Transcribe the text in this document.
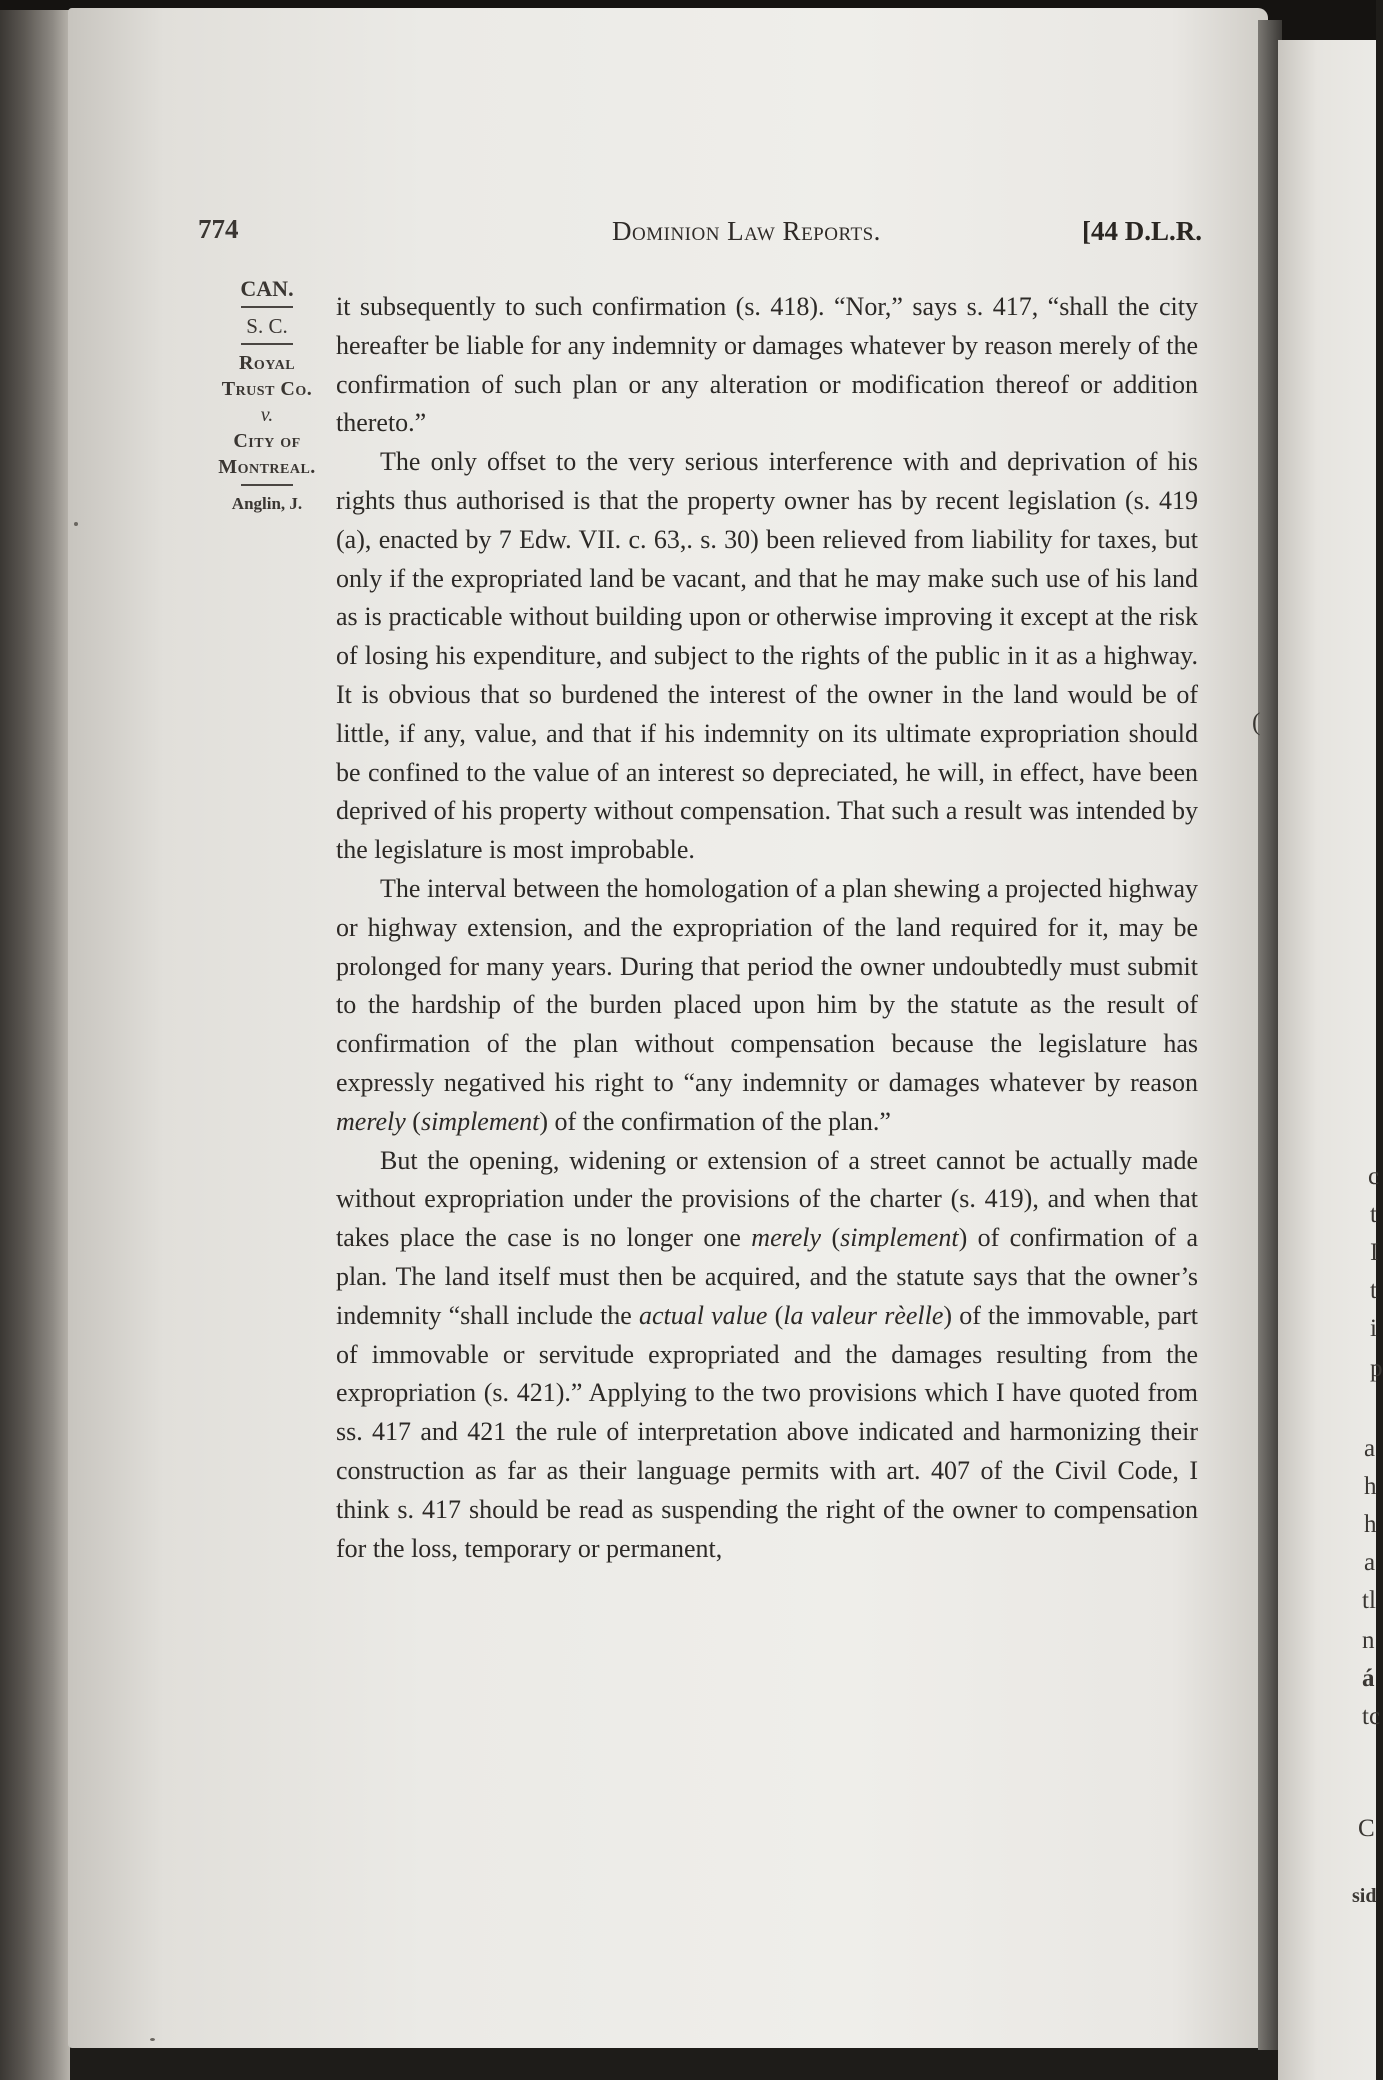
774	Dominion Law Reports.	[44 D.L.R.
CAN.
S. C.
Royal
Trust Co.
v.
City of
Montreal.
Anglin, J.

it subsequently to such confirmation (s. 418). “Nor,” says s. 417, “shall the city hereafter be liable for any indemnity or damages whatever by reason merely of the confirmation of such plan or any alteration or modification thereof or addition thereto.”

The only offset to the very serious interference with and deprivation of his rights thus authorised is that the property owner has by recent legislation (s. 419 (a), enacted by 7 Edw. VII. c. 63,. s. 30) been relieved from liability for taxes, but only if the expropriated land be vacant, and that he may make such use of his land as is practicable without building upon or otherwise improving it except at the risk of losing his expenditure, and subject to the rights of the public in it as a highway. It is obvious that so burdened the interest of the owner in the land would be of little, if any, value, and that if his indemnity on its ultimate expropriation should be confined to the value of an interest so depreciated, he will, in effect, have been deprived of his property without compensation. That such a result was intended by the legislature is most improbable.

The interval between the homologation of a plan shewing a projected highway or highway extension, and the expropriation of the land required for it, may be prolonged for many years. During that period the owner undoubtedly must submit to the hardship of the burden placed upon him by the statute as the result of confirmation of the plan without compensation because the legislature has expressly negatived his right to “any indemnity or damages whatever by reason merely (simplement) of the confirmation of the plan.”

But the opening, widening or extension of a street cannot be actually made without expropriation under the provisions of the charter (s. 419), and when that takes place the case is no longer one merely (simplement) of confirmation of a plan. The land itself must then be acquired, and the statute says that the owner’s indemnity “shall include the actual value (la valeur rèelle) of the immovable, part of immovable or servitude expropriated and the damages resulting from the expropriation (s. 421).” Applying to the two provisions which I have quoted from ss. 417 and 421 the rule of interpretation above indicated and harmonizing their construction as far as their language permits with art. 407 of the Civil Code, I think s. 417 should be read as suspending the right of the owner to compensation for the loss, temporary or permanent,

(
c
t
I
t
i
p
a
h
h
a
tl
n
á
tc
C
sid
